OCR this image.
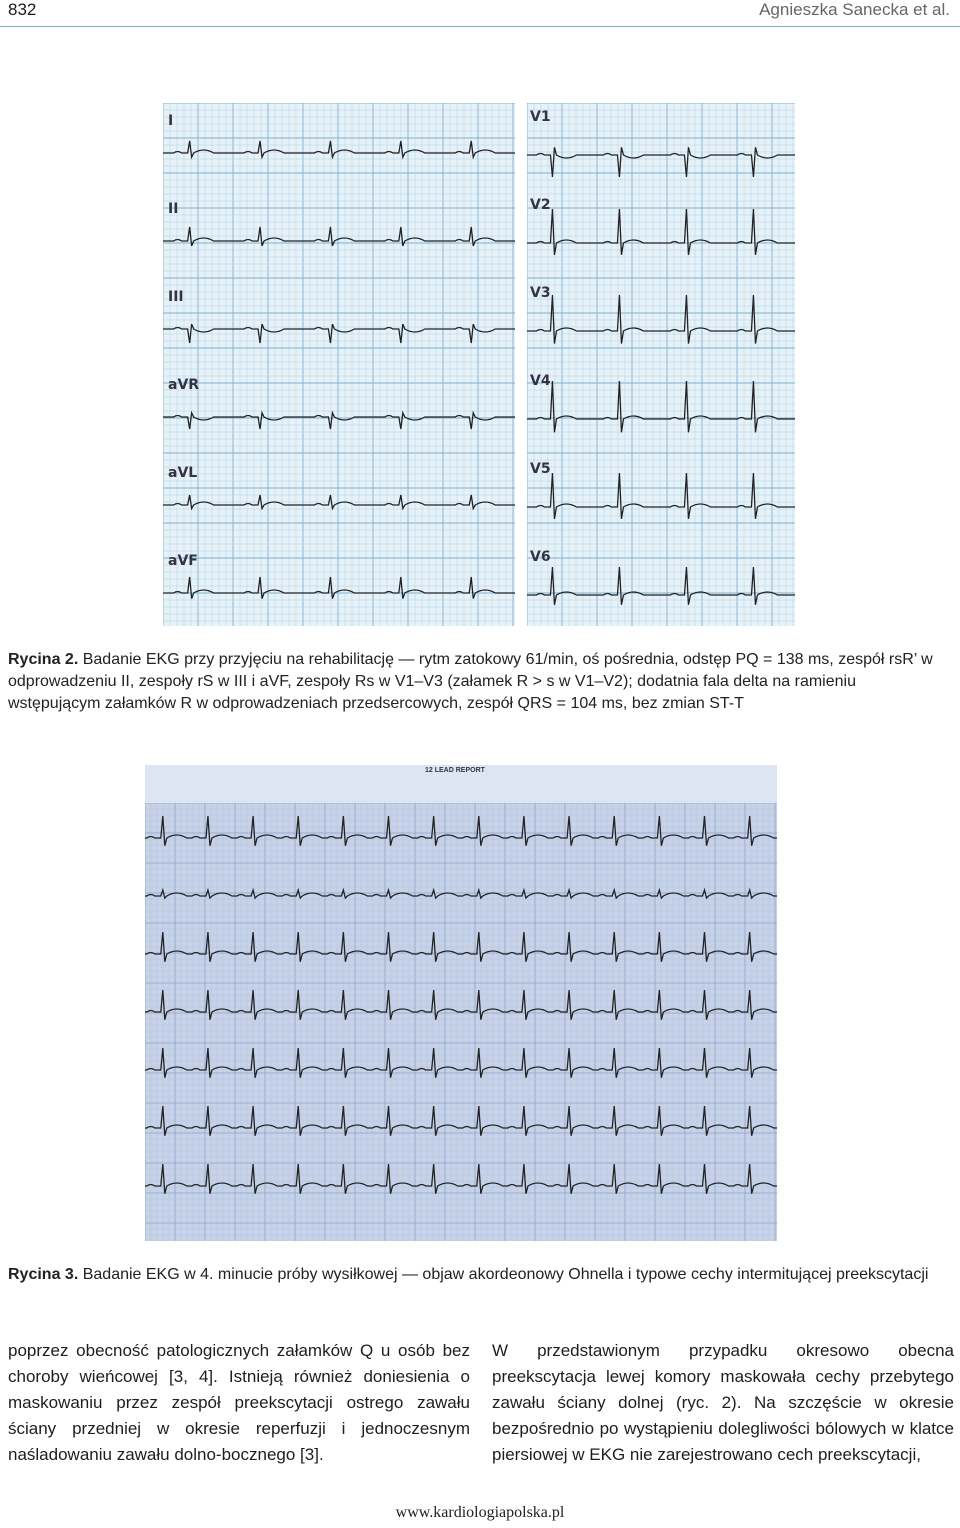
832	Agnieszka Sanecka et al.
I
II
III
aVR
aVL
aVF
V1
V2
V3
V4
V5
V6
Rycina 2. Badanie EKG przy przyjęciu na rehabilitację — rytm zatokowy 61/min, oś pośrednia, odstęp PQ = 138 ms, zespół rsR’ w odprowadzeniu II, zespoły rS w III i aVF, zespoły Rs w V1–V3 (załamek R > s w V1–V2); dodatnia fala delta na ramieniu wstępującym załamków R w odprowadzeniach przedsercowych, zespół QRS = 104 ms, bez zmian ST-T
12 LEAD REPORT
Rycina 3. Badanie EKG w 4. minucie próby wysiłkowej — objaw akordeonowy Ohnella i typowe cechy intermitującej preekscytacji
poprzez obecność patologicznych załamków Q u osób bez choroby wieńcowej [3, 4]. Istnieją również doniesienia o maskowaniu przez zespół preekscytacji ostrego zawału ściany przedniej w okresie reperfuzji i jednoczesnym naśladowaniu zawału dolno-bocznego [3].
W przedstawionym przypadku okresowo obecna preekscytacja lewej komory maskowała cechy przebytego zawału ściany dolnej (ryc. 2). Na szczęście w okresie bezpośrednio po wystąpieniu dolegliwości bólowych w klatce piersiowej w EKG nie zarejestrowano cech preekscytacji,
www.kardiologiapolska.pl
